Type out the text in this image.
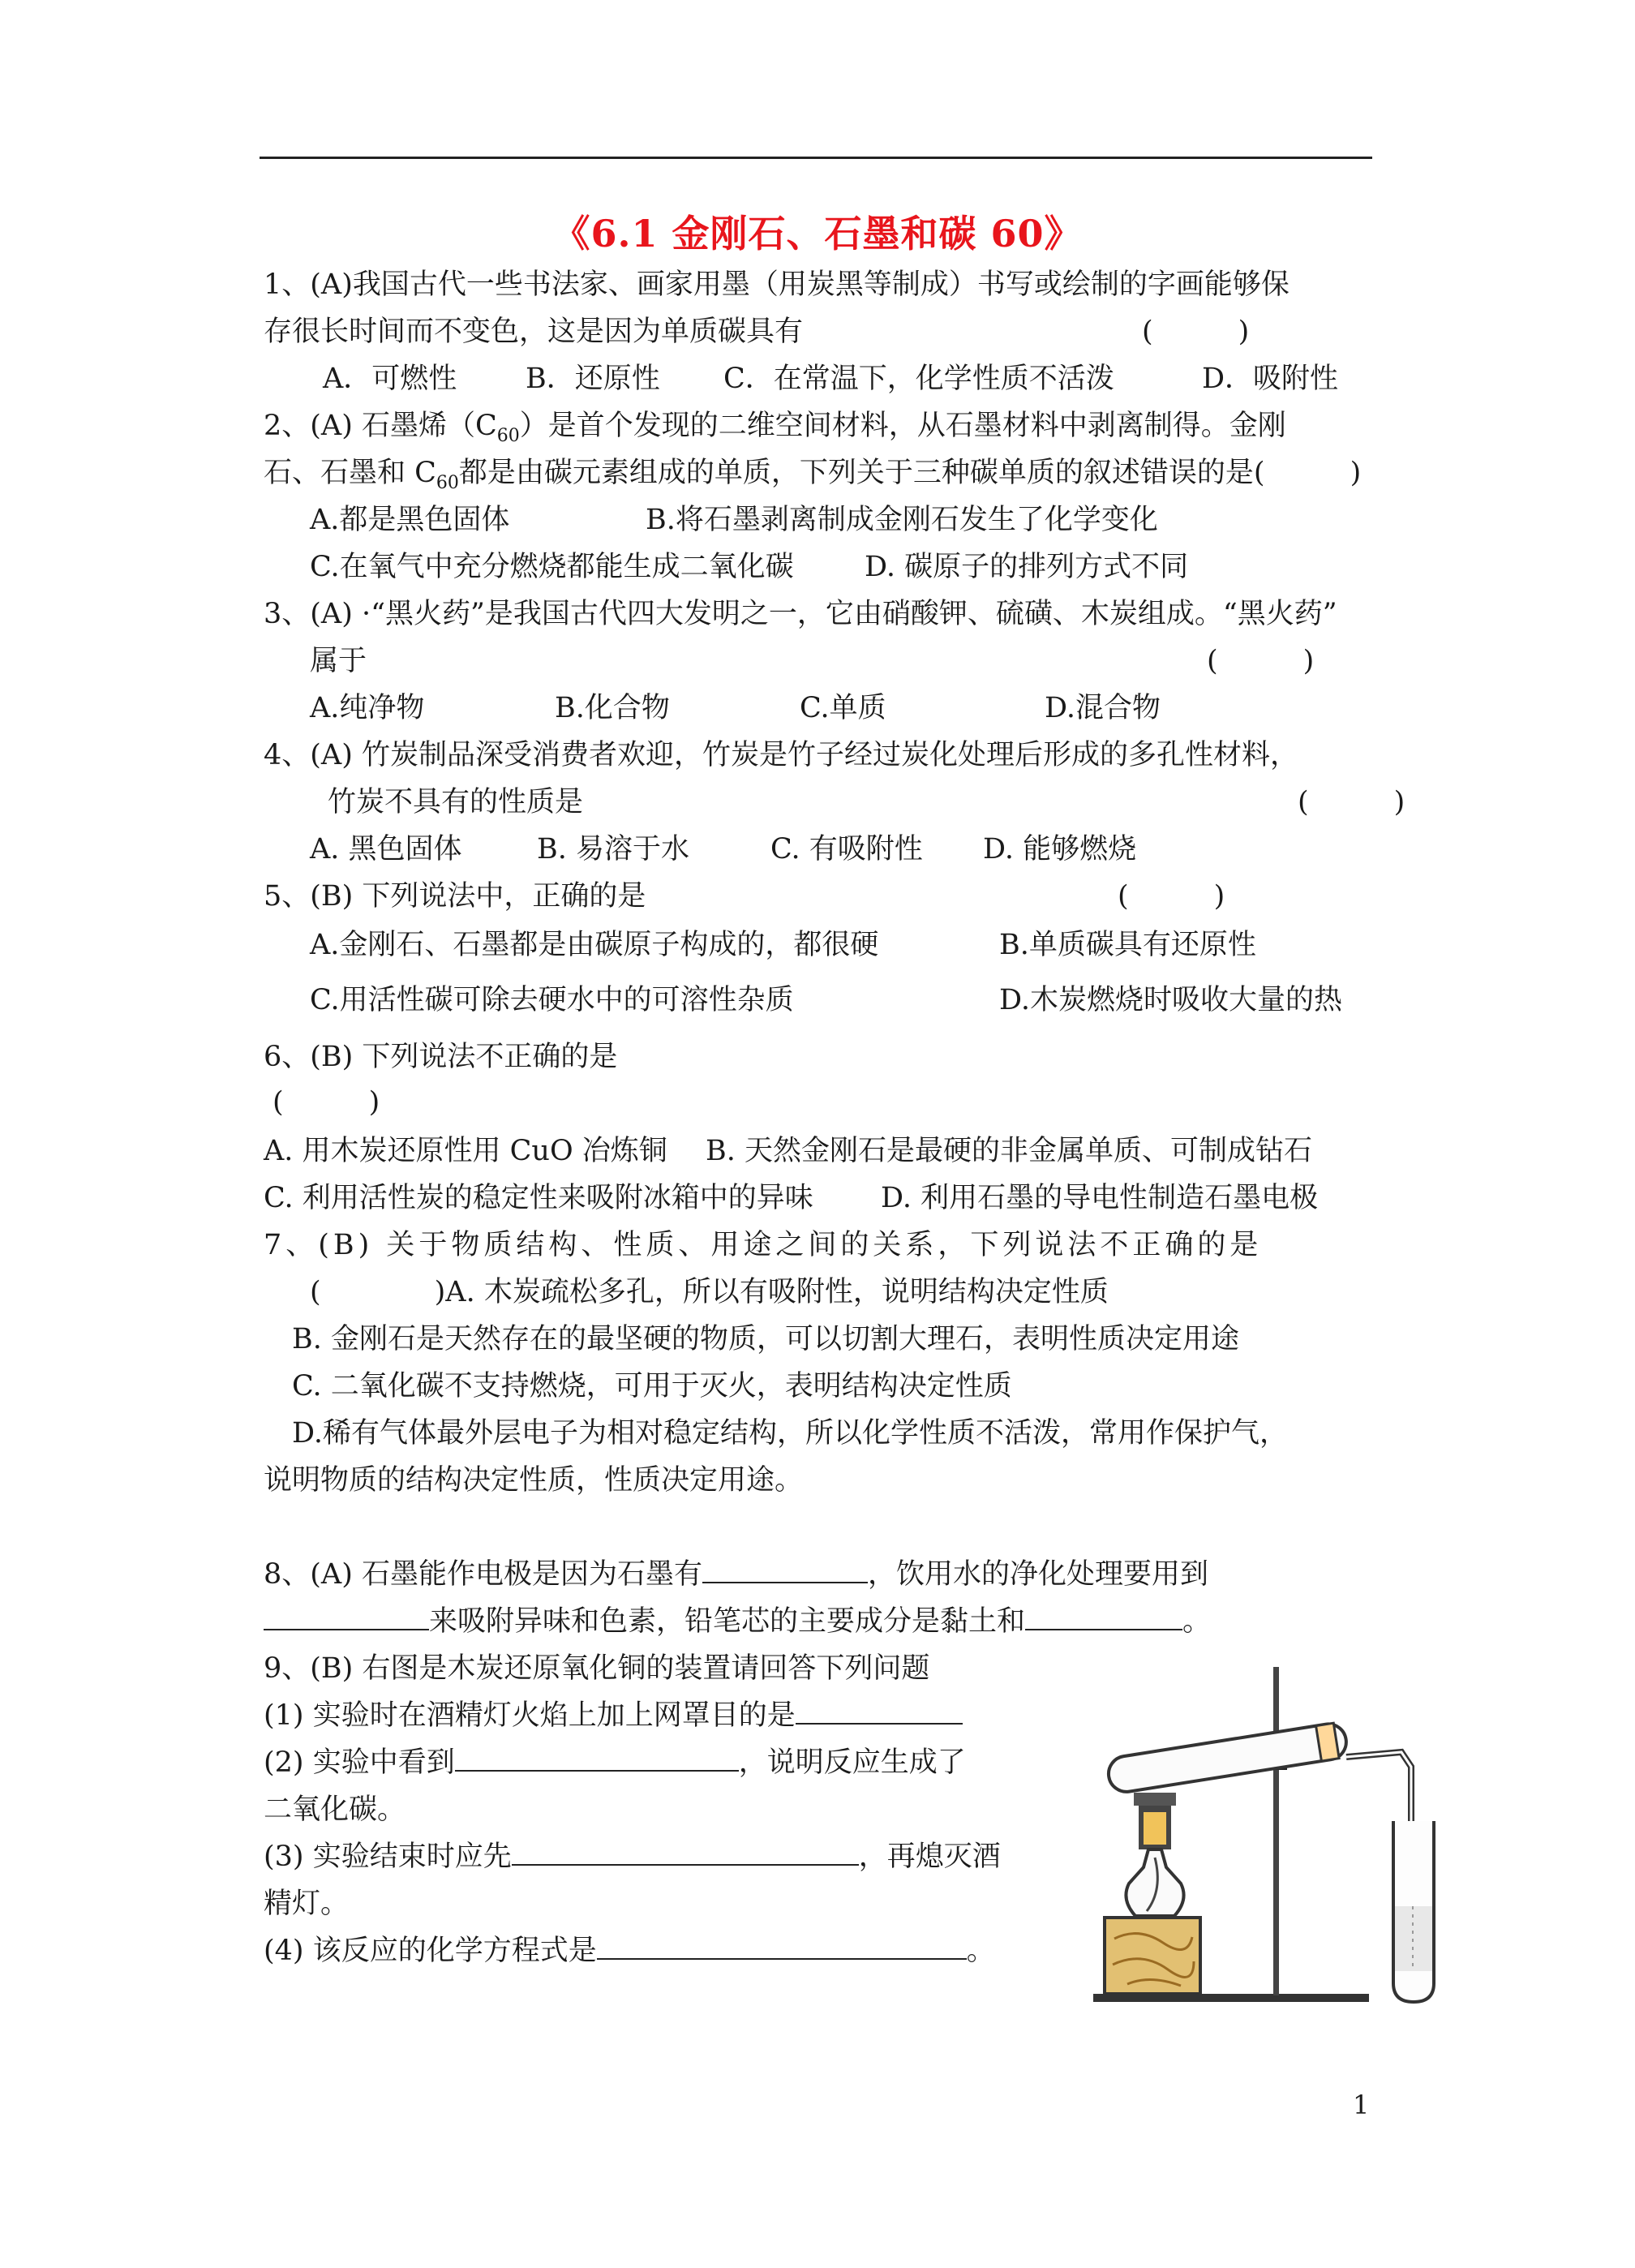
《6.1 金刚石、石墨和碳 60》
1、(A)我国古代一些书法家、画家用墨（用炭黑等制成）书写或绘制的字画能够保
存很长时间而不变色，这是因为单质碳具有	(　　　)
A．可燃性 B．还原性 C．在常温下，化学性质不活泼	D．吸附性
2、(A) 石墨烯$(C_{60})$是首个发现的二维空间材料，从石墨材料中剥离制得。金刚
石、石墨和 $C_{60}$都是由碳元素组成的单质，下列关于三种碳单质的叙述错误的是(　　　)
A.都是黑色固体	B.将石墨剥离制成金刚石发生了化学变化
C.在氧气中充分燃烧都能生成二氧化碳 D. 碳原子的排列方式不同
3、(A) ·“黑火药”是我国古代四大发明之一，它由硝酸钾、硫磺、木炭组成。“黑火药”
属于	(　　　)
A.纯净物	B.化合物	C.单质	D.混合物
4、(A) 竹炭制品深受消费者欢迎，竹炭是竹子经过炭化处理后形成的多孔性材料，
竹炭不具有的性质是	(　　　)
A. 黑色固体	B. 易溶于水	C. 有吸附性 D. 能够燃烧
5、(B) 下列说法中，正确的是	(　　　)
A.金刚石、石墨都是由碳原子构成的，都很硬	B.单质碳具有还原性
C.用活性碳可除去硬水中的可溶性杂质	D.木炭燃烧时吸收大量的热
6、(B) 下列说法不正确的是
(　　　)
A. 用木炭还原性用 CuO 冶炼铜 B. 天然金刚石是最硬的非金属单质、可制成钻石
C. 利用活性炭的稳定性来吸附冰箱中的异味 D. 利用石墨的导电性制造石墨电极
7、(B) 关于物质结构、性质、用途之间的关系，下列说法不正确的是
(　　　　)A. 木炭疏松多孔，所以有吸附性，说明结构决定性质
B. 金刚石是天然存在的最坚硬的物质，可以切割大理石，表明性质决定用途
C. 二氧化碳不支持燃烧，可用于灭火，表明结构决定性质
D.稀有气体最外层电子为相对稳定结构，所以化学性质不活泼，常用作保护气，
说明物质的结构决定性质，性质决定用途。
8、(A) 石墨能作电极是因为石墨有	，饮用水的净化处理要用到
来吸附异味和色素，铅笔芯的主要成分是黏土和	。
9、(B) 右图是木炭还原氧化铜的装置请回答下列问题
(1) 实验时在酒精灯火焰上加上网罩目的是
(2) 实验中看到	，说明反应生成了
二氧化碳。
(3) 实验结束时应先	，再熄灭酒
精灯。
(4) 该反应的化学方程式是	。
1
